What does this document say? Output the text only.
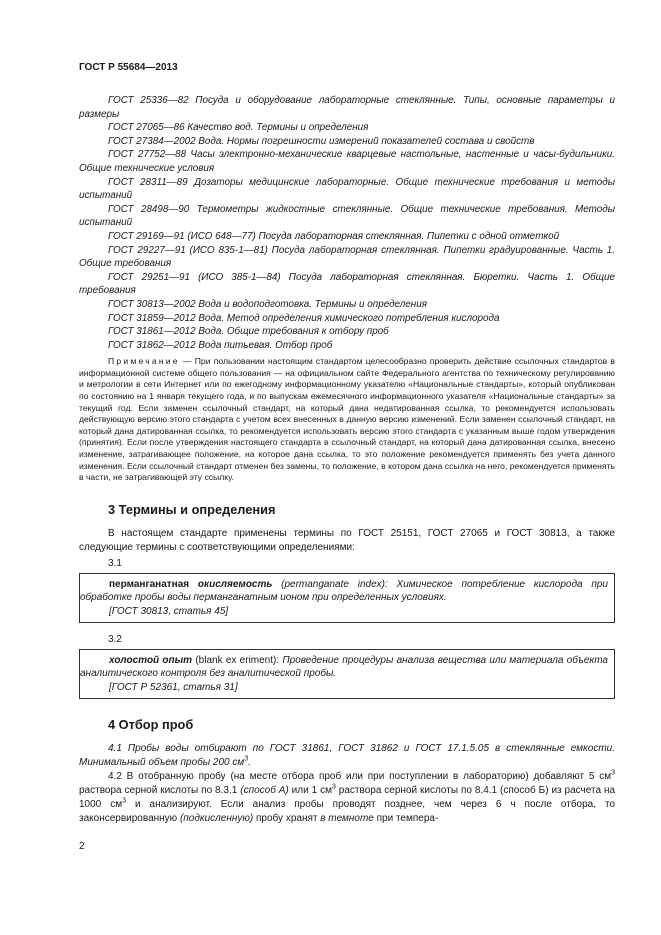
ГОСТ Р 55684—2013
ГОСТ 25336—82 Посуда и оборудование лабораторные стеклянные. Типы, основные параметры и размеры
ГОСТ 27065—86 Качество вод. Термины и определения
ГОСТ 27384—2002 Вода. Нормы погрешности измерений показателей состава и свойств
ГОСТ 27752—88 Часы электронно-механические кварцевые настольные, настенные и часы-будильники. Общие технические условия
ГОСТ 28311—89 Дозаторы медицинские лабораторные. Общие технические требования и методы испытаний
ГОСТ 28498—90 Термометры жидкостные стеклянные. Общие технические требования. Методы испытаний
ГОСТ 29169—91 (ИСО 648—77) Посуда лабораторная стеклянная. Пипетки с одной отметкой
ГОСТ 29227—91 (ИСО 835-1—81) Посуда лабораторная стеклянная. Пипетки градуированные. Часть 1. Общие требования
ГОСТ 29251—91 (ИСО 385-1—84) Посуда лабораторная стеклянная. Бюретки. Часть 1. Общие требования
ГОСТ 30813—2002 Вода и водоподготовка. Термины и определения
ГОСТ 31859—2012 Вода. Метод определения химического потребления кислорода
ГОСТ 31861—2012 Вода. Общие требования к отбору проб
ГОСТ 31862—2012 Вода питьевая. Отбор проб
Примечание — При пользовании настоящим стандартом целесообразно проверить действие ссылочных стандартов в информационной системе общего пользования — на официальном сайте Федерального агентства по техническому регулированию и метрологии в сети Интернет или по ежегодному информационному указателю «Национальные стандарты», который опубликован по состоянию на 1 января текущего года, и по выпускам ежемесячного информационного указателя «Национальные стандарты» за текущий год. Если заменен ссылочный стандарт, на который дана недатированная ссылка, то рекомендуется использовать действующую версию этого стандарта с учетом всех внесенных в данную версию изменений. Если заменен ссылочный стандарт, на который дана датированная ссылка, то рекомендуется использовать версию этого стандарта с указанным выше годом утверждения (принятия). Если после утверждения настоящего стандарта в ссылочный стандарт, на который дана датированная ссылка, внесено изменение, затрагивающее положение, на которое дана ссылка, то это положение рекомендуется применять без учета данного изменения. Если ссылочный стандарт отменен без замены, то положение, в котором дана ссылка на него, рекомендуется применять в части, не затрагивающей эту ссылку.
3 Термины и определения
В настоящем стандарте применены термины по ГОСТ 25151, ГОСТ 27065 и ГОСТ 30813, а также следующие термины с соответствующими определениями:
3.1
перманганатная окисляемость (permanganate index): Химическое потребление кислорода при обработке пробы воды перманганатным ионом при определенных условиях.
[ГОСТ 30813, статья 45]
3.2
холостой опыт (blank ex eriment): Проведение процедуры анализа вещества или материала объекта аналитического контроля без аналитической пробы.
[ГОСТ Р 52361, статья 31]
4 Отбор проб
4.1 Пробы воды отбирают по ГОСТ 31861, ГОСТ 31862 и ГОСТ 17.1.5.05 в стеклянные емкости. Минимальный объем пробы 200 $см^3$.
4.2 В отобранную пробу (на месте отбора проб или при поступлении в лабораторию) добавляют 5 $см^3$ раствора серной кислоты по 8.3.1 (способ А) или 1 $см^3$ раствора серной кислоты по 8.4.1 (способ Б) из расчета на 1000 $см^3$ и анализируют. Если анализ пробы проводят позднее, чем через 6 ч после отбора, то законсервированную (подкисленную) пробу хранят в темноте при темпера-
2
